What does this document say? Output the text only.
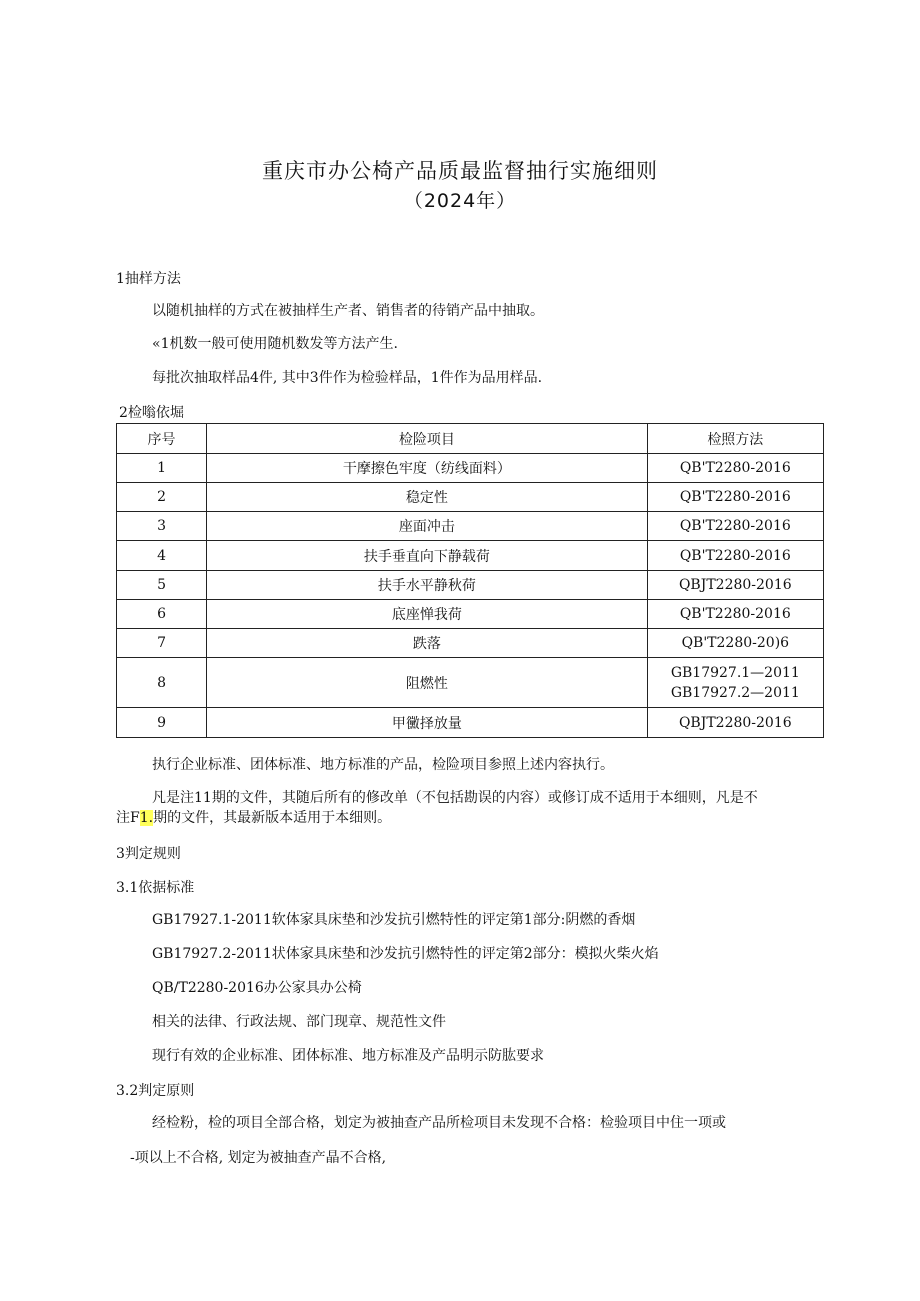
重庆市办公椅产品质最监督抽行实施细则
（2024年）
1抽样方法
以随机抽样的方式在被抽样生产者、销售者的待销产品中抽取。
«1机数一般可使用随机数发等方法产生.
每批次抽取样品4件, 其中3件作为检验样品，1件作为品用样品.
2检嗡依堀
序号	检险项目	检照方法
1	干摩擦色牢度（纺线面料）	QB'T2280-2016
2	稳定性	QB'T2280-2016
3	座面冲击	QB'T2280-2016
4	扶手垂直向下静载荷	QB'T2280-2016
5	扶手水平静秋荷	QBJT2280-2016
6	底座惮我荷	QB'T2280-2016
7	跌落	QB'T2280-20)6
8	阻燃性	GB17927.1—2011
GB17927.2—2011

9	甲黴择放量	QBJT2280-2016
执行企业标准、团体标准、地方标准的产品，检险项目参照上述内容执行。
凡是注11期的文件，其随后所有的修改单（不包括勘误的内容）或修订成不适用于本细则，凡是不
注F1.期的文件，其最新版本适用于本细则。
3判定规则
3.1依据标准
GB17927.1-2011软体家具床垫和沙发抗引燃特性的评定第1部分:阴燃的香烟
GB17927.2-2011状体家具床垫和沙发抗引燃特性的评定第2部分：模拟火柴火焰
QB/T2280-2016办公家具办公椅
相关的法律、行政法规、部门现章、规范性文件
现行有效的企业标准、团体标准、地方标准及产品明示防肱要求
3.2判定原则
经检粉，检的项目全部合格，划定为被抽查产品所检项目未发现不合格：检验项目中住一项或
-项以上不合格, 划定为被抽查产晶不合格,
